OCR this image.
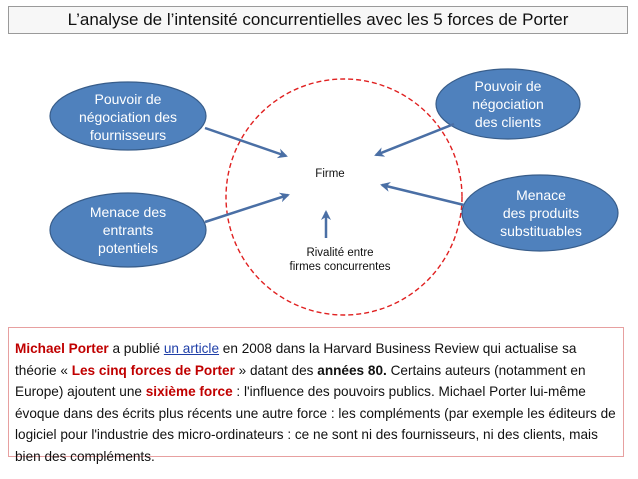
L’analyse de l’intensité concurrentielles avec les 5 forces de Porter
Pouvoir de
négociation des
fournisseurs
Menace des
entrants
potentiels
Pouvoir de
négociation
des clients
Menace
des produits
substituables
Firme
Rivalité entre
firmes concurrentes
Michael Porter a publié un article en 2008 dans la Harvard Business Review qui actualise sa théorie « Les cinq forces de Porter » datant des années 80. Certains auteurs (notamment en Europe) ajoutent une sixième force : l'influence des pouvoirs publics. Michael Porter lui-même évoque dans des écrits plus récents une autre force : les compléments (par exemple les éditeurs de logiciel pour l'industrie des micro-ordinateurs : ce ne sont ni des fournisseurs, ni des clients, mais bien des compléments.
